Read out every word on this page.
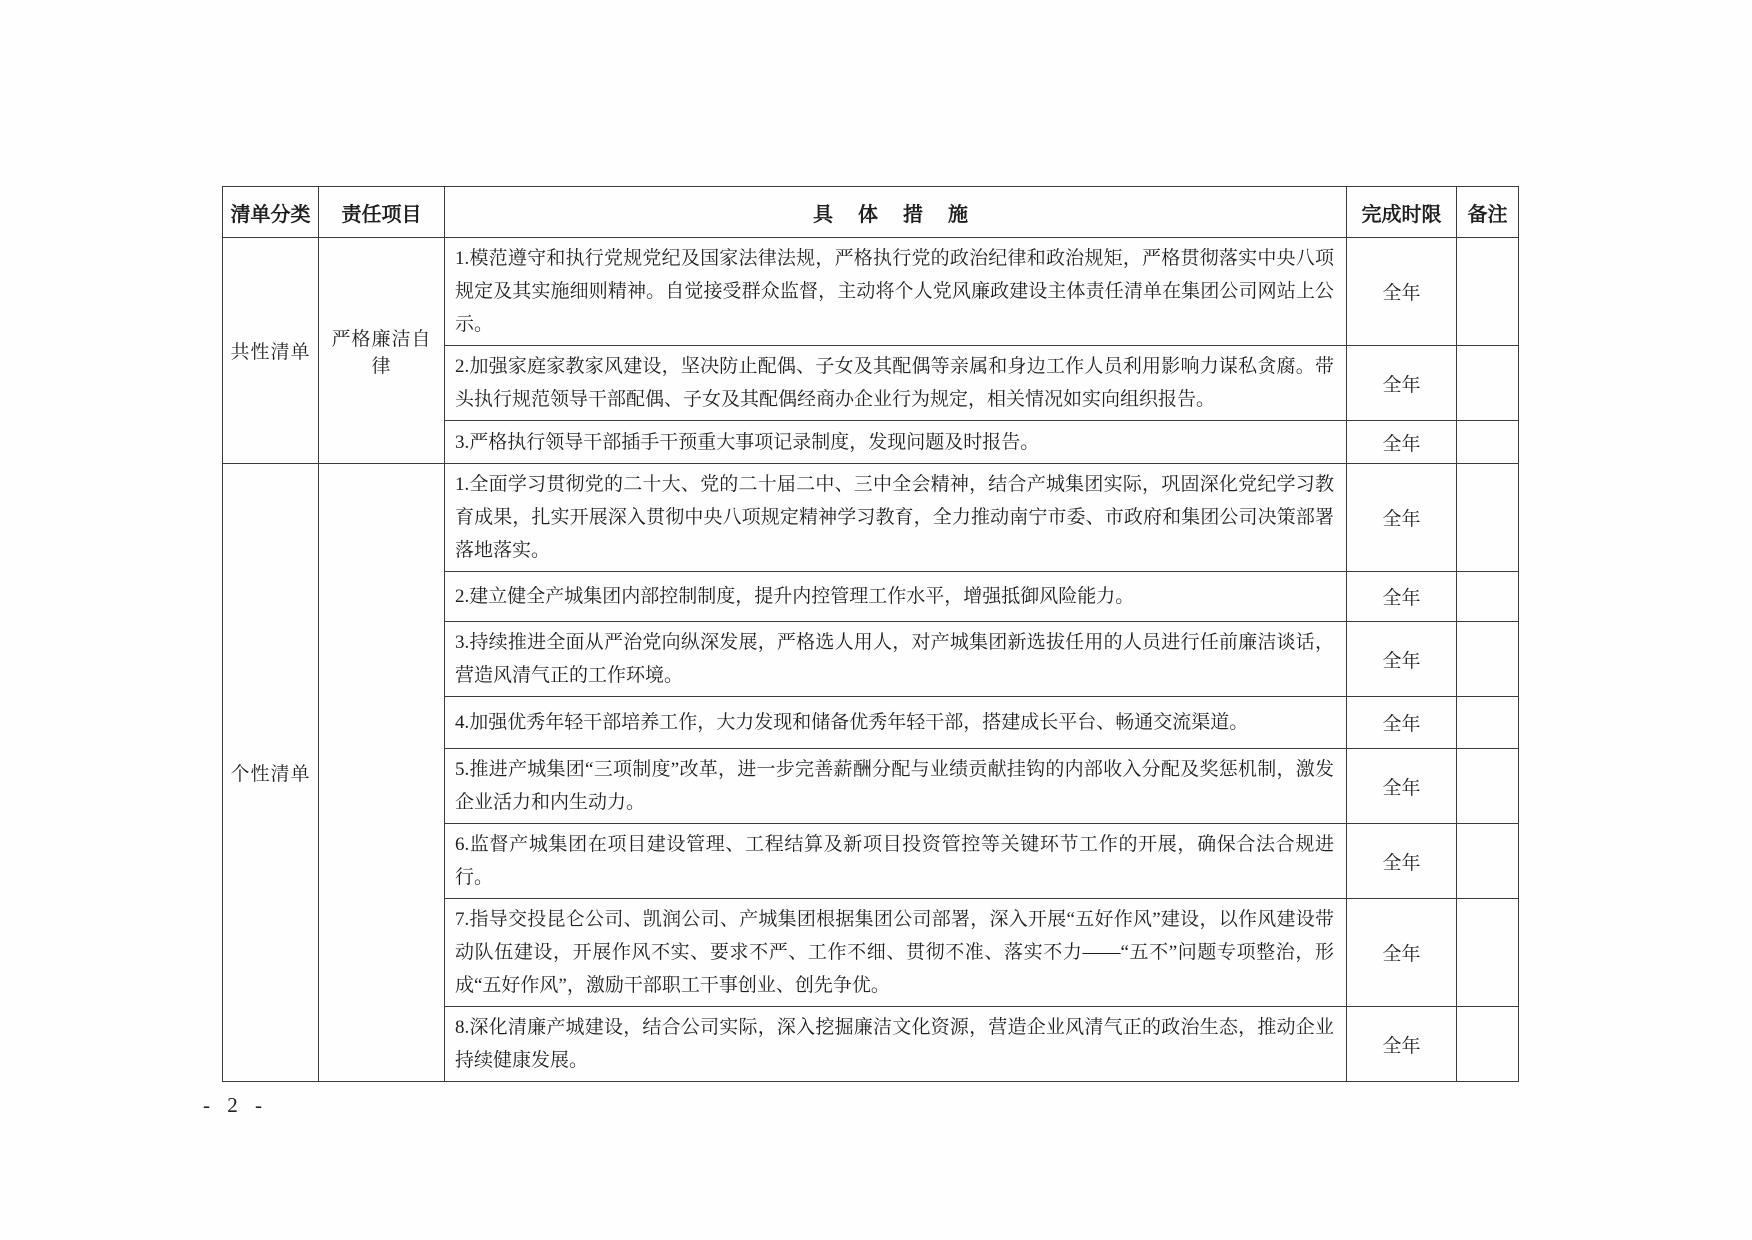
清单分类	责任项目	具 体 措 施	完成时限	备注
共性清单	严格廉洁自律	1.模范遵守和执行党规党纪及国家法律法规，严格执行党的政治纪律和政治规矩，严格贯彻落实中央八项规定及其实施细则精神。自觉接受群众监督，主动将个人党风廉政建设主体责任清单在集团公司网站上公示。	全年	
		2.加强家庭家教家风建设，坚决防止配偶、子女及其配偶等亲属和身边工作人员利用影响力谋私贪腐。带头执行规范领导干部配偶、子女及其配偶经商办企业行为规定，相关情况如实向组织报告。	全年	
		3.严格执行领导干部插手干预重大事项记录制度，发现问题及时报告。	全年	
个性清单		1.全面学习贯彻党的二十大、党的二十届二中、三中全会精神，结合产城集团实际，巩固深化党纪学习教育成果，扎实开展深入贯彻中央八项规定精神学习教育，全力推动南宁市委、市政府和集团公司决策部署落地落实。	全年	
		2.建立健全产城集团内部控制制度，提升内控管理工作水平，增强抵御风险能力。	全年	
		3.持续推进全面从严治党向纵深发展，严格选人用人，对产城集团新选拔任用的人员进行任前廉洁谈话，营造风清气正的工作环境。	全年	
		4.加强优秀年轻干部培养工作，大力发现和储备优秀年轻干部，搭建成长平台、畅通交流渠道。	全年	
		5.推进产城集团“三项制度”改革，进一步完善薪酬分配与业绩贡献挂钩的内部收入分配及奖惩机制，激发企业活力和内生动力。	全年	
		6.监督产城集团在项目建设管理、工程结算及新项目投资管控等关键环节工作的开展，确保合法合规进行。	全年	
		7.指导交投昆仑公司、凯润公司、产城集团根据集团公司部署，深入开展“五好作风”建设，以作风建设带动队伍建设，开展作风不实、要求不严、工作不细、贯彻不准、落实不力——“五不”问题专项整治，形成“五好作风”，激励干部职工干事创业、创先争优。	全年	
		8.深化清廉产城建设，结合公司实际，深入挖掘廉洁文化资源，营造企业风清气正的政治生态，推动企业持续健康发展。	全年	
- 2 -
